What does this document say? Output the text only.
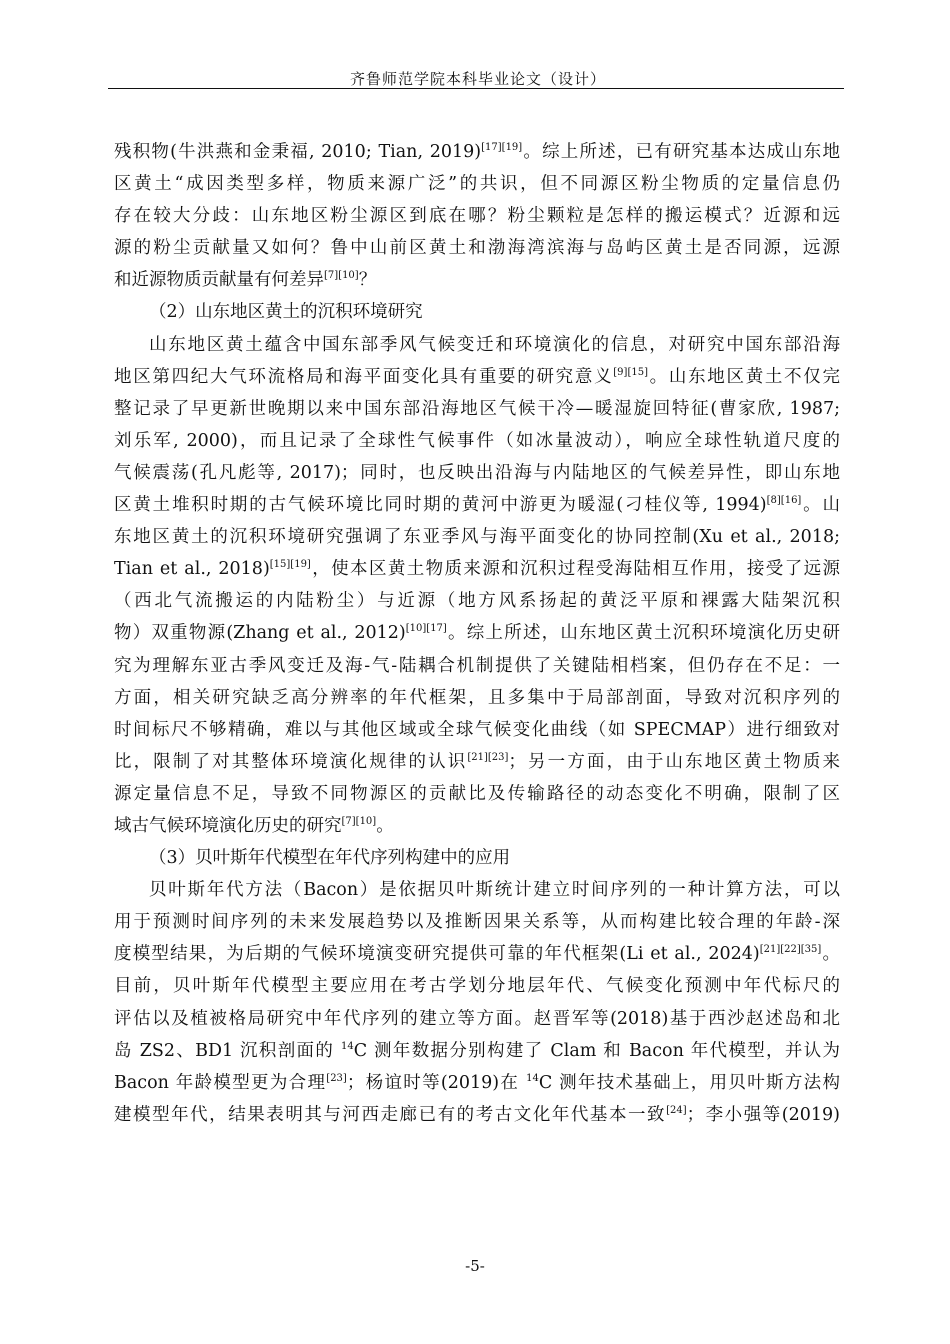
齐鲁师范学院本科毕业论文（设计）
残积物(牛洪燕和金秉福, 2010; Tian, 2019)[17][19]。综上所述，已有研究基本达成山东地
区黄土“成因类型多样，物质来源广泛”的共识，但不同源区粉尘物质的定量信息仍
存在较大分歧：山东地区粉尘源区到底在哪？粉尘颗粒是怎样的搬运模式？近源和远
源的粉尘贡献量又如何？鲁中山前区黄土和渤海湾滨海与岛屿区黄土是否同源，远源
和近源物质贡献量有何差异[7][10]？
（2）山东地区黄土的沉积环境研究
山东地区黄土蕴含中国东部季风气候变迁和环境演化的信息，对研究中国东部沿海
地区第四纪大气环流格局和海平面变化具有重要的研究意义[9][15]。山东地区黄土不仅完
整记录了早更新世晚期以来中国东部沿海地区气候干冷—暖湿旋回特征(曹家欣, 1987;
刘乐军, 2000)，而且记录了全球性气候事件（如冰量波动），响应全球性轨道尺度的
气候震荡(孔凡彪等, 2017)；同时，也反映出沿海与内陆地区的气候差异性，即山东地
区黄土堆积时期的古气候环境比同时期的黄河中游更为暖湿(刁桂仪等, 1994)[8][16]。山
东地区黄土的沉积环境研究强调了东亚季风与海平面变化的协同控制(Xu et al., 2018;
Tian et al., 2018)[15][19]，使本区黄土物质来源和沉积过程受海陆相互作用，接受了远源
（西北气流搬运的内陆粉尘）与近源（地方风系扬起的黄泛平原和裸露大陆架沉积
物）双重物源(Zhang et al., 2012)[10][17]。综上所述，山东地区黄土沉积环境演化历史研
究为理解东亚古季风变迁及海-气-陆耦合机制提供了关键陆相档案，但仍存在不足：一
方面，相关研究缺乏高分辨率的年代框架，且多集中于局部剖面，导致对沉积序列的
时间标尺不够精确，难以与其他区域或全球气候变化曲线（如 SPECMAP）进行细致对
比，限制了对其整体环境演化规律的认识[21][23]；另一方面，由于山东地区黄土物质来
源定量信息不足，导致不同物源区的贡献比及传输路径的动态变化不明确，限制了区
域古气候环境演化历史的研究[7][10]。
（3）贝叶斯年代模型在年代序列构建中的应用
贝叶斯年代方法（Bacon）是依据贝叶斯统计建立时间序列的一种计算方法，可以
用于预测时间序列的未来发展趋势以及推断因果关系等，从而构建比较合理的年龄-深
度模型结果，为后期的气候环境演变研究提供可靠的年代框架(Li et al., 2024)[21][22][35]。
目前，贝叶斯年代模型主要应用在考古学划分地层年代、气候变化预测中年代标尺的
评估以及植被格局研究中年代序列的建立等方面。赵晋军等(2018)基于西沙赵述岛和北
岛 ZS2、BD1 沉积剖面的 $^{14}$C 测年数据分别构建了 Clam 和 Bacon 年代模型，并认为
Bacon 年龄模型更为合理[23]；杨谊时等(2019)在 $^{14}$C 测年技术基础上，用贝叶斯方法构
建模型年代，结果表明其与河西走廊已有的考古文化年代基本一致[24]；李小强等(2019)
-5-
